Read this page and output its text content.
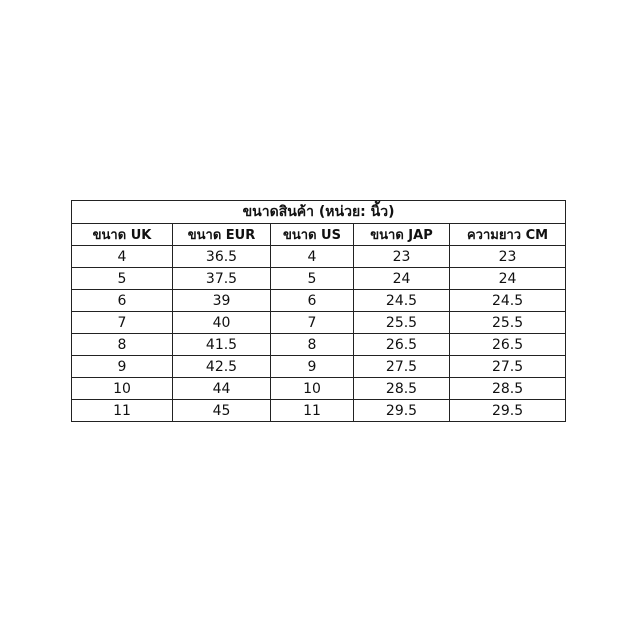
ขนาดสินค้า (หน่วย: นิ้ว)				
ขนาด UK	ขนาด EUR	ขนาด US	ขนาด JAP	ความยาว CM
4	36.5	4	23	23
5	37.5	5	24	24
6	39	6	24.5	24.5
7	40	7	25.5	25.5
8	41.5	8	26.5	26.5
9	42.5	9	27.5	27.5
10	44	10	28.5	28.5
11	45	11	29.5	29.5
